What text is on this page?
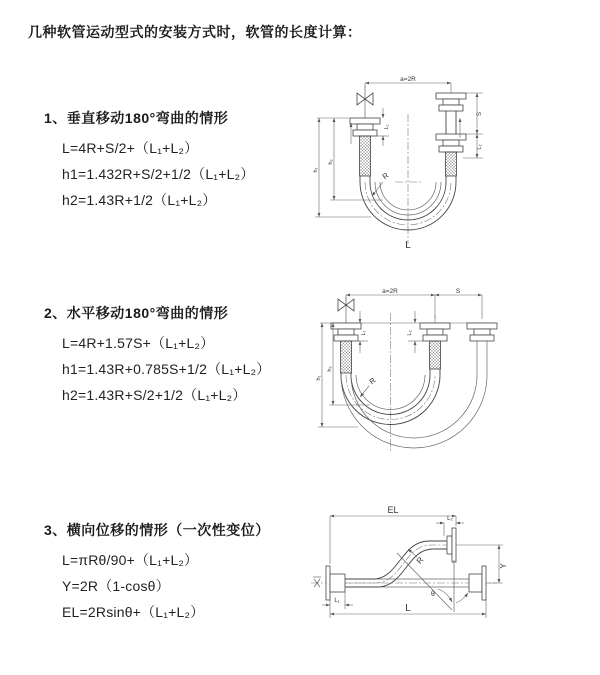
几种软管运动型式的安装方式时，软管的长度计算：
1、垂直移动180°弯曲的情形
L=4R+S/2+（L₁+L₂）
h1=1.432R+S/2+1/2（L₁+L₂）
h2=1.43R+1/2（L₁+L₂）
a=2R
h₁
h₂
L₁
S
L₂
R
L
2、水平移动180°弯曲的情形
L=4R+1.57S+（L₁+L₂）
h1=1.43R+0.785S+1/2（L₁+L₂）
h2=1.43R+S/2+1/2（L₁+L₂）
a=2R	S
h₁
h₂
L₁	L₂
R
3、横向位移的情形（一次性变位）
L=πRθ/90+（L₁+L₂）
Y=2R（1-cosθ）
EL=2Rsinθ+（L₁+L₂）
EL
L₂
Y
R
θ
L₁
L
